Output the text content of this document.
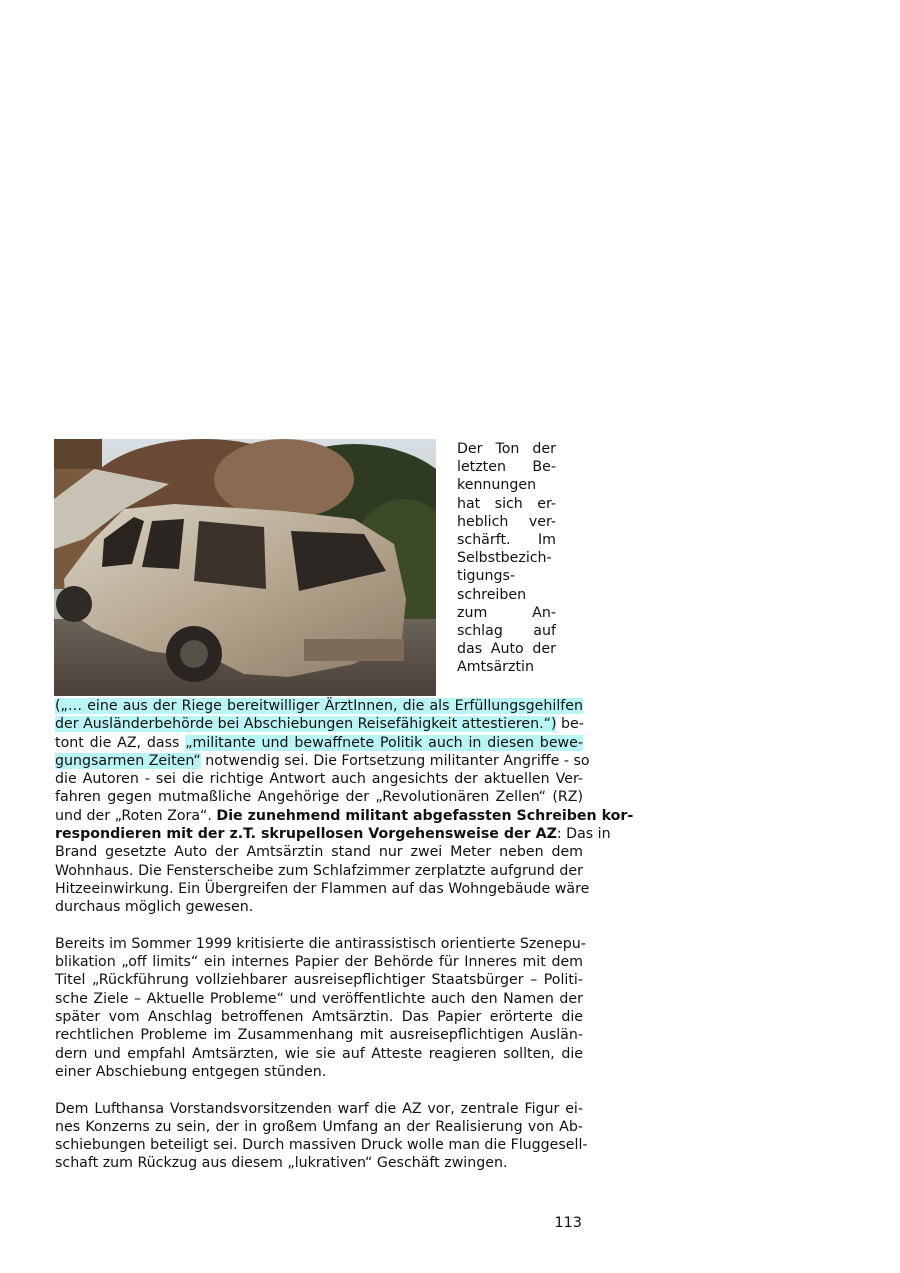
Der Ton der
letzten Be-
kennungen
hat sich er-
heblich ver-
schärft. Im
Selbstbezich-
tigungs-
schreiben
zum An-
schlag auf
das Auto der
Amtsärztin
(„… eine aus der Riege bereitwilliger ÄrztInnen, die als Erfüllungsgehilfen
der Ausländerbehörde bei Abschiebungen Reisefähigkeit attestieren.“) be-
tont die AZ, dass „militante und bewaffnete Politik auch in diesen bewe-
gungsarmen Zeiten“ notwendig sei. Die Fortsetzung militanter Angriffe - so
die Autoren - sei die richtige Antwort auch angesichts der aktuellen Ver-
fahren gegen mutmaßliche Angehörige der „Revolutionären Zellen“ (RZ)
und der „Roten Zora“. Die zunehmend militant abgefassten Schreiben kor-
respondieren mit der z.T. skrupellosen Vorgehensweise der AZ: Das in
Brand gesetzte Auto der Amtsärztin stand nur zwei Meter neben dem
Wohnhaus. Die Fensterscheibe zum Schlafzimmer zerplatzte aufgrund der
Hitzeeinwirkung. Ein Übergreifen der Flammen auf das Wohngebäude wäre
durchaus möglich gewesen.
Bereits im Sommer 1999 kritisierte die antirassistisch orientierte Szenepu-
blikation „off limits“ ein internes Papier der Behörde für Inneres mit dem
Titel „Rückführung vollziehbarer ausreisepflichtiger Staatsbürger – Politi-
sche Ziele – Aktuelle Probleme“ und veröffentlichte auch den Namen der
später vom Anschlag betroffenen Amtsärztin. Das Papier erörterte die
rechtlichen Probleme im Zusammenhang mit ausreisepflichtigen Auslän-
dern und empfahl Amtsärzten, wie sie auf Atteste reagieren sollten, die
einer Abschiebung entgegen stünden.
Dem Lufthansa Vorstandsvorsitzenden warf die AZ vor, zentrale Figur ei-
nes Konzerns zu sein, der in großem Umfang an der Realisierung von Ab-
schiebungen beteiligt sei. Durch massiven Druck wolle man die Fluggesell-
schaft zum Rückzug aus diesem „lukrativen“ Geschäft zwingen.
113
